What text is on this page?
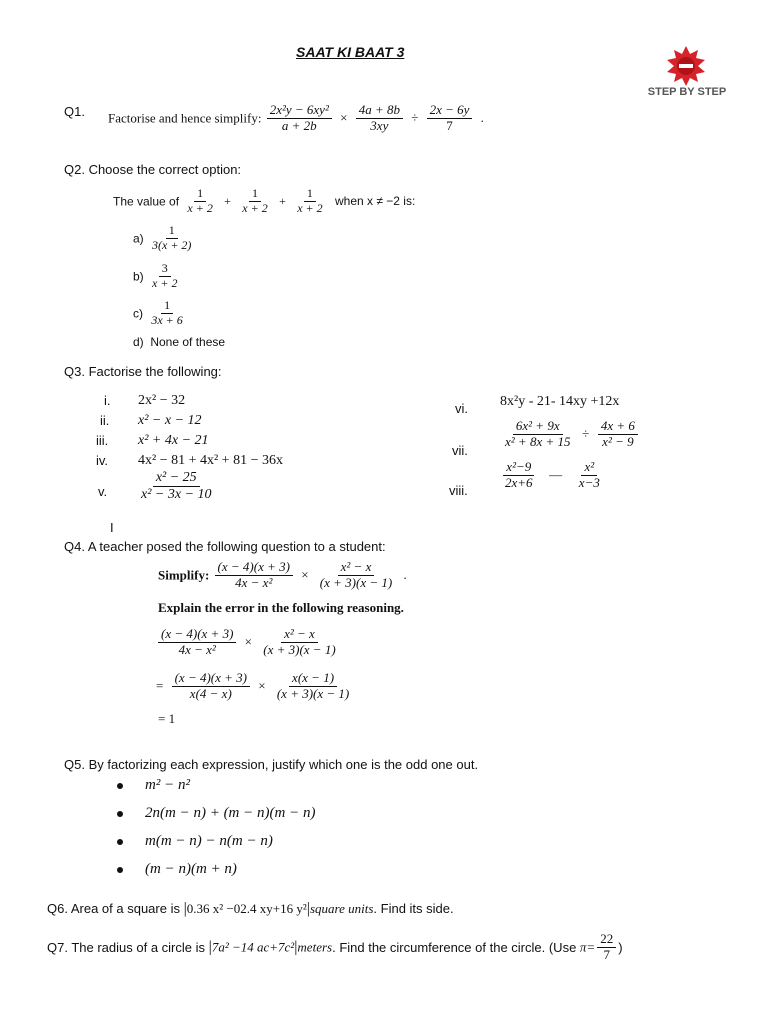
SAAT KI BAAT 3
STEP BY STEP
Q1. Factorise and hence simplify: $\frac{\text{2x²y − 6xy²}}{a + 2b} \times \frac{4a + 8b}{3xy} \div \frac{2x - 6y}{7}$ .
Q2. Choose the correct option:
The value of $\frac{1}{x + 2} + \frac{1}{x + 2} + \frac{1}{x + 2}$ when x ≠ −2 is:
$a) \frac{1}{3(x + 2)}$
$b) \frac{3}{x + 2}$
$c) \frac{1}{3x + 6}$
d) None of these
Q3. Factorise the following:
i. 2x² − 32
ii. x² − x − 12
iii. x² + 4x − 21
iv. 4x² − 81 + 4x² + 81 − 36x
v. $\frac{\text{x² − 25}}{\text{x² − 3x − 10}}$
vi. 8x²y - 21- 14xy +12x
vii.
$\frac{\text{6x² + 9x}}{\text{x² + 8x + 15}} \div \frac{4x + 6}{\text{x² − 9}}$
viii.	$\frac{\text{x²−9}}{2x+6}$ — $\frac{\text{x²}}{x-3}$
I
Q4. A teacher posed the following question to a student:
Simplify: $\frac{(x - 4)(x + 3)}{\text{4x − x²}} \times \frac{\text{x² − x}}{(x + 3)(x - 1)}$ .
Explain the error in the following reasoning.
$\frac{(x - 4)(x + 3)}{\text{4x − x²}} \times \frac{\text{x² − x}}{(x + 3)(x - 1)}$
= $\frac{(x - 4)(x + 3)}{x(4 - x)} \times \frac{x(x - 1)}{(x + 3)(x - 1)}$
= 1
Q5. By factorizing each expression, justify which one is the odd one out.
m² − n²
2n(m − n) + (m − n)(m − n)
m(m − n) − n(m − n)
(m − n)(m + n)
Q6. Area of a square is |0.36 x² −02.4 xy+16 y²|square units. Find its side.
Q7. The radius of a circle is |7a² −14 ac+7c²|meters. Find the circumference of the circle. (Use $\pi= \frac{22}{7}$ )
